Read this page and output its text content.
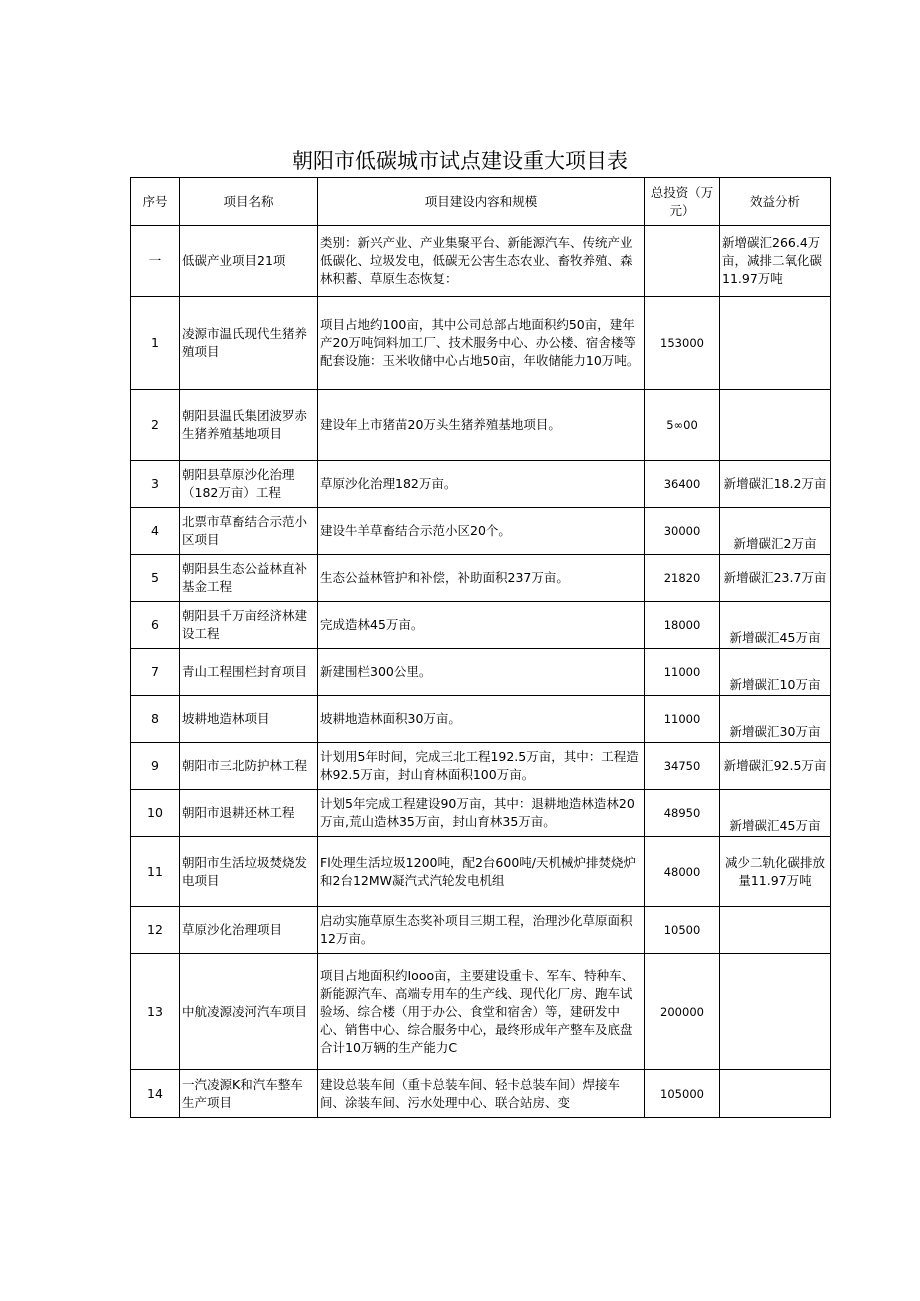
朝阳市低碳城市试点建设重大项目表
序号	项目名称	项目建设内容和规模	总投资（万元）	效益分析
一	低碳产业项目21项	类别：新兴产业、产业集聚平台、新能源汽车、传统产业低碳化、垃圾发电，低碳无公害生态农业、畜牧养殖、森林积蓄、草原生态恢复：		新增碳汇266.4万亩，减排二氧化碳11.97万吨
1	凌源市温氏现代生猪养殖项目	项目占地约100亩，其中公司总部占地面积约50亩，建年产20万吨饲料加工厂、技术服务中心、办公楼、宿舍楼等配套设施：玉米收储中心占地50亩，年收储能力10万吨。	153000	
2	朝阳县温氏集团波罗赤生猪养殖基地项目	建设年上市猪苗20万头生猪养殖基地项目。	5∞00	
3	朝阳县草原沙化治理（182万亩）工程	草原沙化治理182万亩。	36400	新增碳汇18.2万亩
4	北票市草畜结合示范小区项目	建设牛羊草畜结合示范小区20个。	30000	新增碳汇2万亩
5	朝阳县生态公益林直补基金工程	生态公益林管护和补偿，补助面积237万亩。	21820	新增碳汇23.7万亩
6	朝阳县千万亩经济林建设工程	完成造林45万亩。	18000	新增碳汇45万亩
7	青山工程围栏封育项目	新建围栏300公里。	11000	新增碳汇10万亩
8	坡耕地造林项目	坡耕地造林面积30万亩。	11000	新增碳汇30万亩
9	朝阳市三北防护林工程	计划用5年时间，完成三北工程192.5万亩，其中：工程造林92.5万亩，封山育林面积100万亩。	34750	新增碳汇92.5万亩
10	朝阳市退耕还林工程	计划5年完成工程建设90万亩，其中：退耕地造林造林20万亩,荒山造林35万亩，封山育林35万亩。	48950	新增碳汇45万亩
11	朝阳市生活垃圾焚烧发电项目	Fl处理生活垃圾1200吨，配2台600吨/天机械炉排焚烧炉和2台12MW凝汽式汽轮发电机组	48000	减少二轨化碳排放量11.97万吨
12	草原沙化治理项目	启动实施草原生态奖补项目三期工程，治理沙化草原面积12万亩。	10500	
13	中航凌源凌河汽车项目	项目占地面积约Iooo亩，主要建设重卡、军车、特种车、新能源汽车、高端专用车的生产线、现代化厂房、跑车试验场、综合楼（用于办公、食堂和宿舍）等，建研发中心、销售中心、综合服务中心，最终形成年产整车及底盘合计10万辆的生产能力C	200000	
14	一汽凌源K和汽车整车生产项目	建设总装车间（重卡总装车间、轻卡总装车间）焊接车间、涂装车间、污水处理中心、联合站房、变	105000	
